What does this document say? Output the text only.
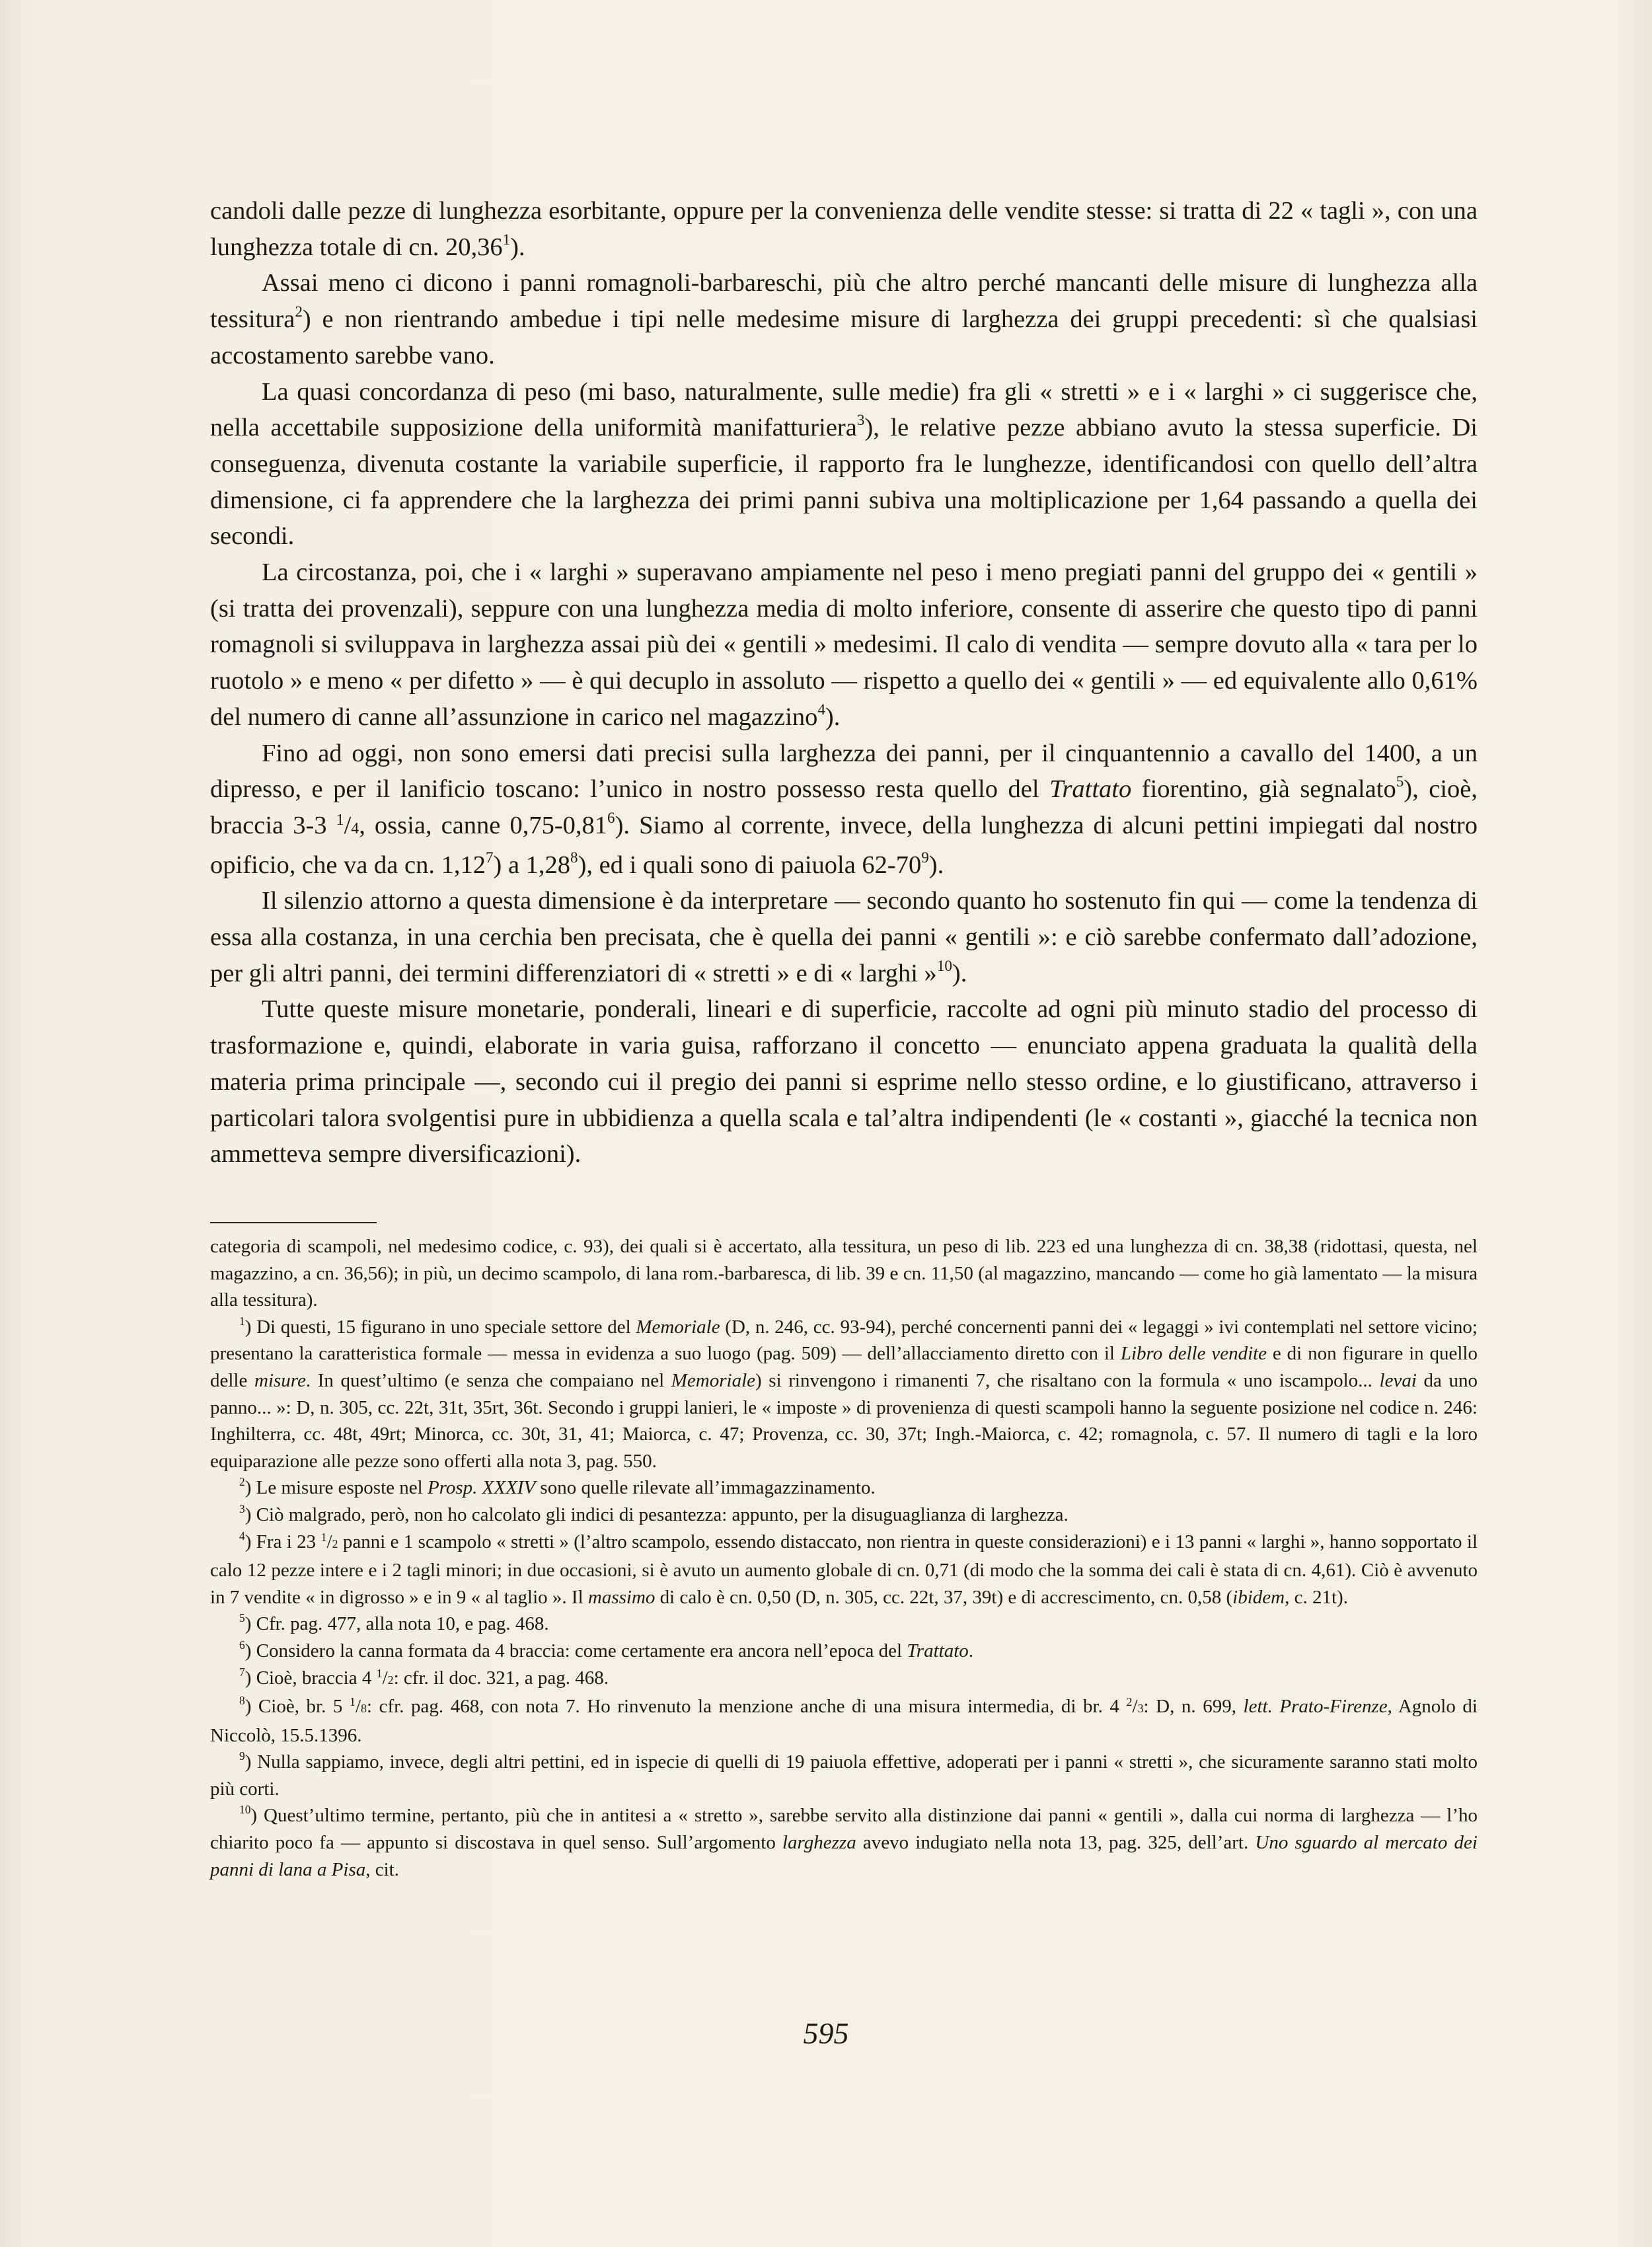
candoli dalle pezze di lunghezza esorbitante, oppure per la convenienza delle vendite stesse: si tratta di 22 « tagli », con una lunghezza totale di cn. 20,36$^1$).

Assai meno ci dicono i panni romagnoli-barbareschi, più che altro perché mancanti delle misure di lunghezza alla tessitura$^2$) e non rientrando ambedue i tipi nelle medesime misure di larghezza dei gruppi precedenti: sì che qualsiasi accostamento sarebbe vano.

La quasi concordanza di peso (mi baso, naturalmente, sulle medie) fra gli « stretti » e i « larghi » ci suggerisce che, nella accettabile supposizione della uniformità manifatturiera$^3$), le relative pezze abbiano avuto la stessa superficie. Di conseguenza, divenuta costante la variabile superficie, il rapporto fra le lunghezze, identificandosi con quello dell’altra dimensione, ci fa apprendere che la larghezza dei primi panni subiva una moltiplicazione per 1,64 passando a quella dei secondi.

La circostanza, poi, che i « larghi » superavano ampiamente nel peso i meno pregiati panni del gruppo dei « gentili » (si tratta dei provenzali), seppure con una lunghezza media di molto inferiore, consente di asserire che questo tipo di panni romagnoli si sviluppava in larghezza assai più dei « gentili » medesimi. Il calo di vendita — sempre dovuto alla « tara per lo ruotolo » e meno « per difetto » — è qui decuplo in assoluto — rispetto a quello dei « gentili » — ed equivalente allo 0,61% del numero di canne all’assunzione in carico nel magazzino$^4$).

Fino ad oggi, non sono emersi dati precisi sulla larghezza dei panni, per il cinquantennio a cavallo del 1400, a un dipresso, e per il lanificio toscano: l’unico in nostro possesso resta quello del Trattato fiorentino, già segnalato$^5$), cioè, braccia 3-3 $^1$/4, ossia, canne 0,75-0,81$^6$). Siamo al corrente, invece, della lunghezza di alcuni pettini impiegati dal nostro opificio, che va da cn. 1,12$^7$) a 1,28$^8$), ed i quali sono di paiuola $62-70^9$).

Il silenzio attorno a questa dimensione è da interpretare — secondo quanto ho sostenuto fin qui — come la tendenza di essa alla costanza, in una cerchia ben precisata, che è quella dei panni « gentili »: e ciò sarebbe confermato dall’adozione, per gli altri panni, dei termini differenziatori di « stretti » e di « larghi »$^{10}$).

Tutte queste misure monetarie, ponderali, lineari e di superficie, raccolte ad ogni più minuto stadio del processo di trasformazione e, quindi, elaborate in varia guisa, rafforzano il concetto — enunciato appena graduata la qualità della materia prima principale —, secondo cui il pregio dei panni si esprime nello stesso ordine, e lo giustificano, attraverso i particolari talora svolgentisi pure in ubbidienza a quella scala e tal’altra indipendenti (le « costanti », giacché la tecnica non ammetteva sempre diversificazioni).

categoria di scampoli, nel medesimo codice, c. 93), dei quali si è accertato, alla tessitura, un peso di lib. 223 ed una lunghezza di cn. 38,38 (ridottasi, questa, nel magazzino, a cn. 36,56); in più, un decimo scampolo, di lana rom.-barbaresca, di lib. 39 e cn. 11,50 (al magazzino, mancando — come ho già lamentato — la misura alla tessitura).

$^1$) Di questi, 15 figurano in uno speciale settore del Memoriale (D, n. 246, cc. 93-94), perché concernenti panni dei « legaggi » ivi contemplati nel settore vicino; presentano la caratteristica formale — messa in evidenza a suo luogo (pag. 509) — dell’allacciamento diretto con il Libro delle vendite e di non figurare in quello delle misure. In quest’ultimo (e senza che compaiano nel Memoriale) si rinvengono i rimanenti 7, che risaltano con la formula « uno iscampolo... levai da uno panno... »: D, n. 305, cc. 22t, 31t, 35rt, 36t. Secondo i gruppi lanieri, le « imposte » di provenienza di questi scampoli hanno la seguente posizione nel codice n. 246: Inghilterra, cc. 48t, 49rt; Minorca, cc. 30t, 31, 41; Maiorca, c. 47; Provenza, cc. 30, 37t; Ingh.-Maiorca, c. 42; romagnola, c. 57. Il numero di tagli e la loro equiparazione alle pezze sono offerti alla nota 3, pag. 550.

$^2$) Le misure esposte nel Prosp. XXXIV sono quelle rilevate all’immagazzinamento.

$^3$) Ciò malgrado, però, non ho calcolato gli indici di pesantezza: appunto, per la disuguaglianza di larghezza.

$^4$) Fra i 23 $^1$/2 panni e 1 scampolo « stretti » (l’altro scampolo, essendo distaccato, non rientra in queste considerazioni) e i 13 panni « larghi », hanno sopportato il calo 12 pezze intere e i 2 tagli minori; in due occasioni, si è avuto un aumento globale di cn. 0,71 (di modo che la somma dei cali è stata di cn. 4,61). Ciò è avvenuto in 7 vendite « in digrosso » e in 9 « al taglio ». Il massimo di calo è cn. 0,50 (D, n. 305, cc. 22t, 37, 39t) e di accrescimento, cn. 0,58 (ibidem, c. 21t).

$^5$) Cfr. pag. 477, alla nota 10, e pag. 468.

$^6$) Considero la canna formata da 4 braccia: come certamente era ancora nell’epoca del Trattato.

$^7$) Cioè, braccia 4 $^1$/2: cfr. il doc. 321, a pag. 468.

$^8$) Cioè, br. 5 $^1$/8: cfr. pag. 468, con nota 7. Ho rinvenuto la menzione anche di una misura intermedia, di br. 4 $^2$/3: D, n. 699, lett. Prato-Firenze, Agnolo di Niccolò, 15.5.1396.

$^9$) Nulla sappiamo, invece, degli altri pettini, ed in ispecie di quelli di 19 paiuola effettive, adoperati per i panni « stretti », che sicuramente saranno stati molto più corti.

$^{10}$) Quest’ultimo termine, pertanto, più che in antitesi a « stretto », sarebbe servito alla distinzione dai panni « gentili », dalla cui norma di larghezza — l’ho chiarito poco fa — appunto si discostava in quel senso. Sull’argomento larghezza avevo indugiato nella nota 13, pag. 325, dell’art. Uno sguardo al mercato dei panni di lana a Pisa, cit.

595
